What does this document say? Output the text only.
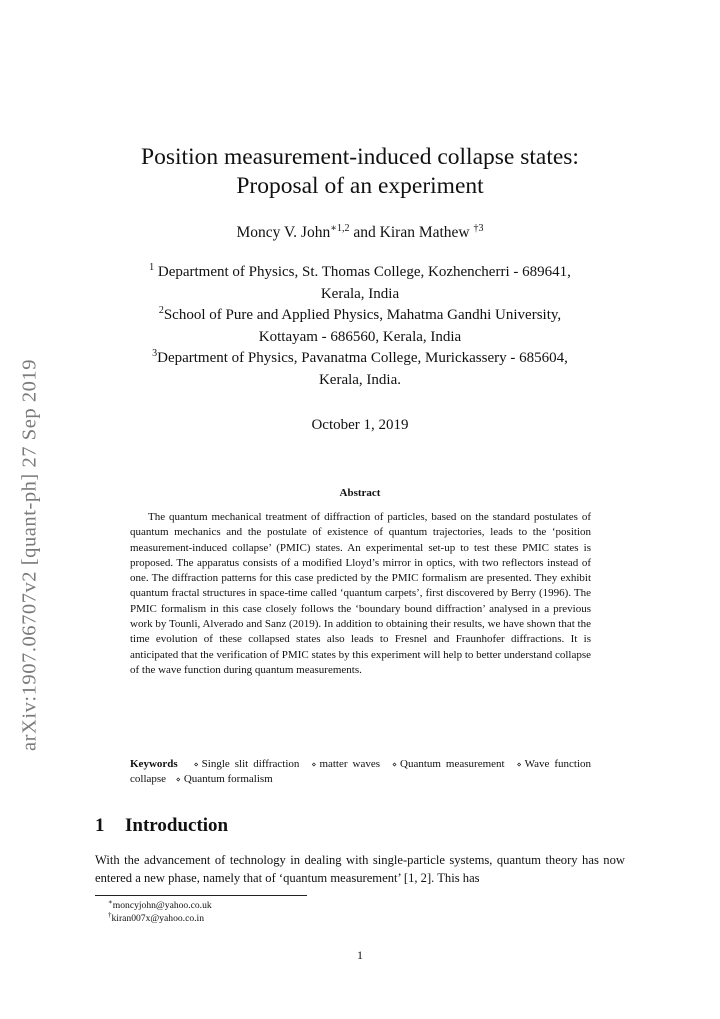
arXiv:1907.06707v2 [quant-ph] 27 Sep 2019
Position measurement-induced collapse states:
Proposal of an experiment
Moncy V. John$^{∗1,2}$ and Kiran Mathew $^{\dagger 3}$
$^1$ Department of Physics, St. Thomas College, Kozhencherri - 689641,
Kerala, India
$^2$School of Pure and Applied Physics, Mahatma Gandhi University,
Kottayam - 686560, Kerala, India
$^3$Department of Physics, Pavanatma College, Murickassery - 685604,
Kerala, India.
October 1, 2019
Abstract

The quantum mechanical treatment of diffraction of particles, based on the standard postulates of quantum mechanics and the postulate of existence of quantum trajectories, leads to the ‘position measurement-induced collapse’ (PMIC) states. An experimental set-up to test these PMIC states is proposed. The apparatus consists of a modified Lloyd’s mirror in optics, with two reflectors instead of one. The diffraction patterns for this case predicted by the PMIC formalism are presented. They exhibit quantum fractal structures in space-time called ‘quantum carpets’, first discovered by Berry (1996). The PMIC formalism in this case closely follows the ‘boundary bound diffraction’ analysed in a previous work by Tounli, Alverado and Sanz (2019). In addition to obtaining their results, we have shown that the time evolution of these collapsed states also leads to Fresnel and Fraunhofer diffractions. It is anticipated that the verification of PMIC states by this experiment will help to better understand collapse of the wave function during quantum measurements.

Keywords ⋄ Single slit diffraction ⋄ matter waves ⋄ Quantum measurement ⋄ Wave function collapse ⋄ Quantum formalism
1 Introduction

With the advancement of technology in dealing with single-particle systems, quantum theory has now entered a new phase, namely that of ‘quantum measurement’ [1, 2]. This has

∗moncyjohn@yahoo.co.uk
†kiran007x@yahoo.co.in
1
